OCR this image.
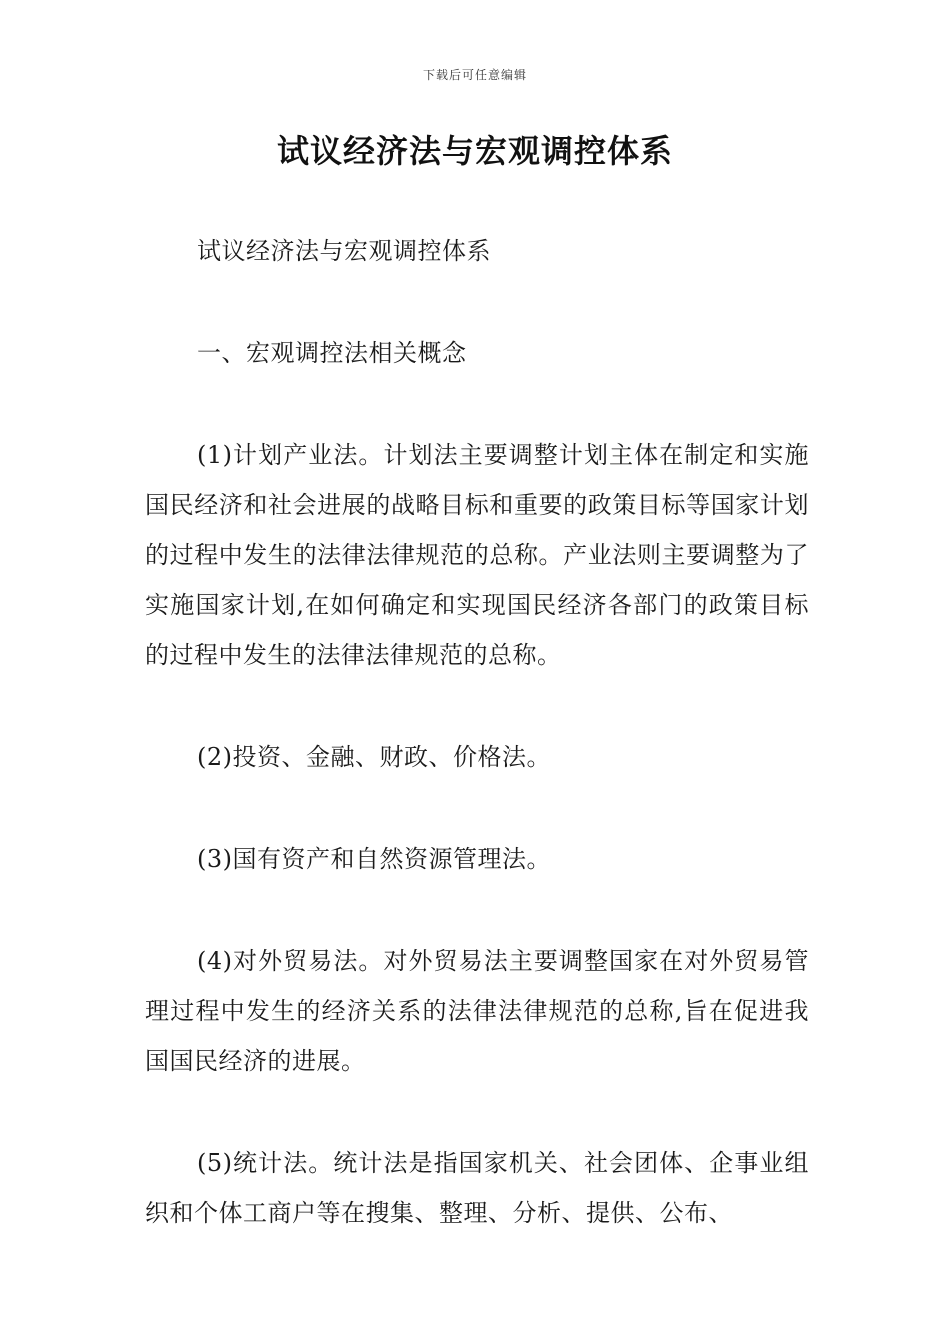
下载后可任意编辑
试议经济法与宏观调控体系

试议经济法与宏观调控体系

一、宏观调控法相关概念

(1)计划产业法。计划法主要调整计划主体在制定和实施国民经济和社会进展的战略目标和重要的政策目标等国家计划的过程中发生的法律法律规范的总称。产业法则主要调整为了实施国家计划,在如何确定和实现国民经济各部门的政策目标的过程中发生的法律法律规范的总称。

(2)投资、金融、财政、价格法。

(3)国有资产和自然资源管理法。

(4)对外贸易法。对外贸易法主要调整国家在对外贸易管理过程中发生的经济关系的法律法律规范的总称,旨在促进我国国民经济的进展。

(5)统计法。统计法是指国家机关、社会团体、企事业组织和个体工商户等在搜集、整理、分析、提供、公布、
